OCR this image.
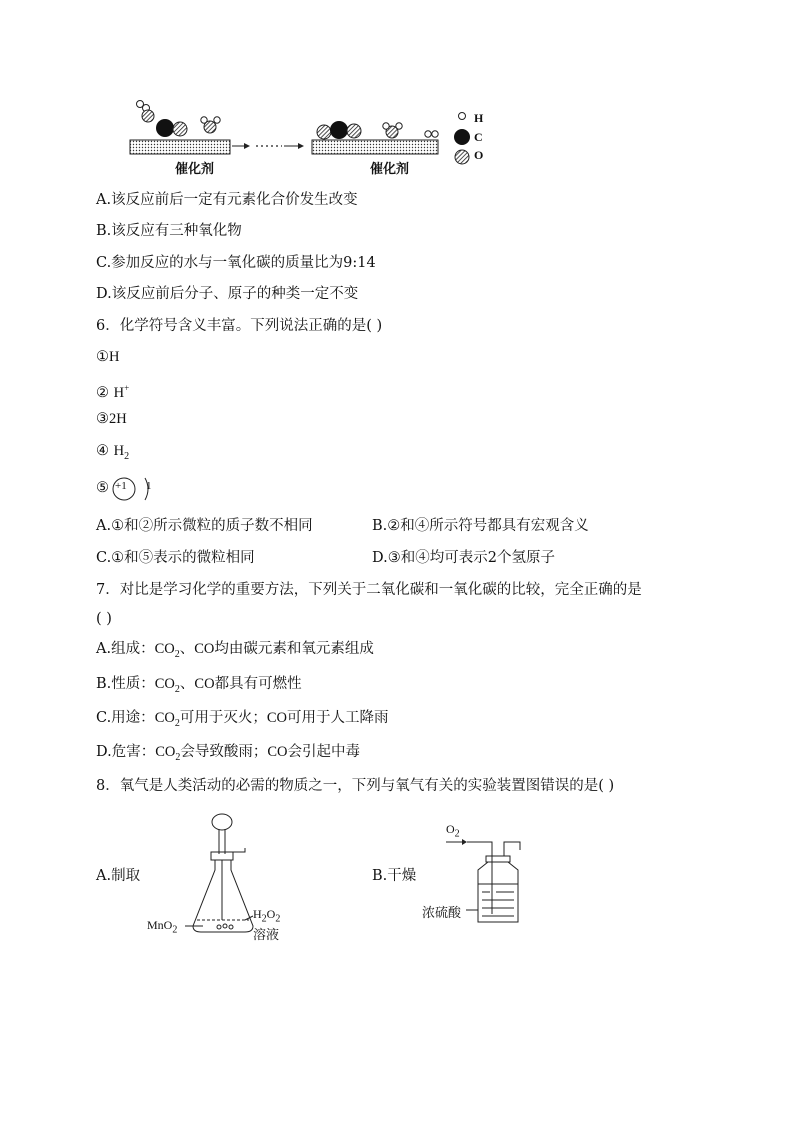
催化剂	催化剂
H
C
O
A.该反应前后一定有元素化合价发生改变
B.该反应有三种氧化物
C.参加反应的水与一氧化碳的质量比为9:14
D.该反应前后分子、原子的种类一定不变
6．化学符号含义丰富。下列说法正确的是( )
①H
② H+
③2H
④ $H_2$
⑤ +1 1
A.①和②所示微粒的质子数不相同	B.②和④所示符号都具有宏观含义
C.①和⑤表示的微粒相同	D.③和④均可表示2个氢原子
7．对比是学习化学的重要方法，下列关于二氧化碳和一氧化碳的比较，完全正确的是
( )
A.组成：$CO_2$、CO均由碳元素和氧元素组成
B.性质：$CO_2$、CO都具有可燃性
C.用途：$CO_2$可用于灭火；CO可用于人工降雨
D.危害：$CO_2$会导致酸雨；CO会引起中毒
8．氧气是人类活动的必需的物质之一，下列与氧气有关的实验装置图错误的是( )
A.制取	B.干燥
MnO$_2$
$H_2O_2$
溶液
$O_2$
浓硫酸
